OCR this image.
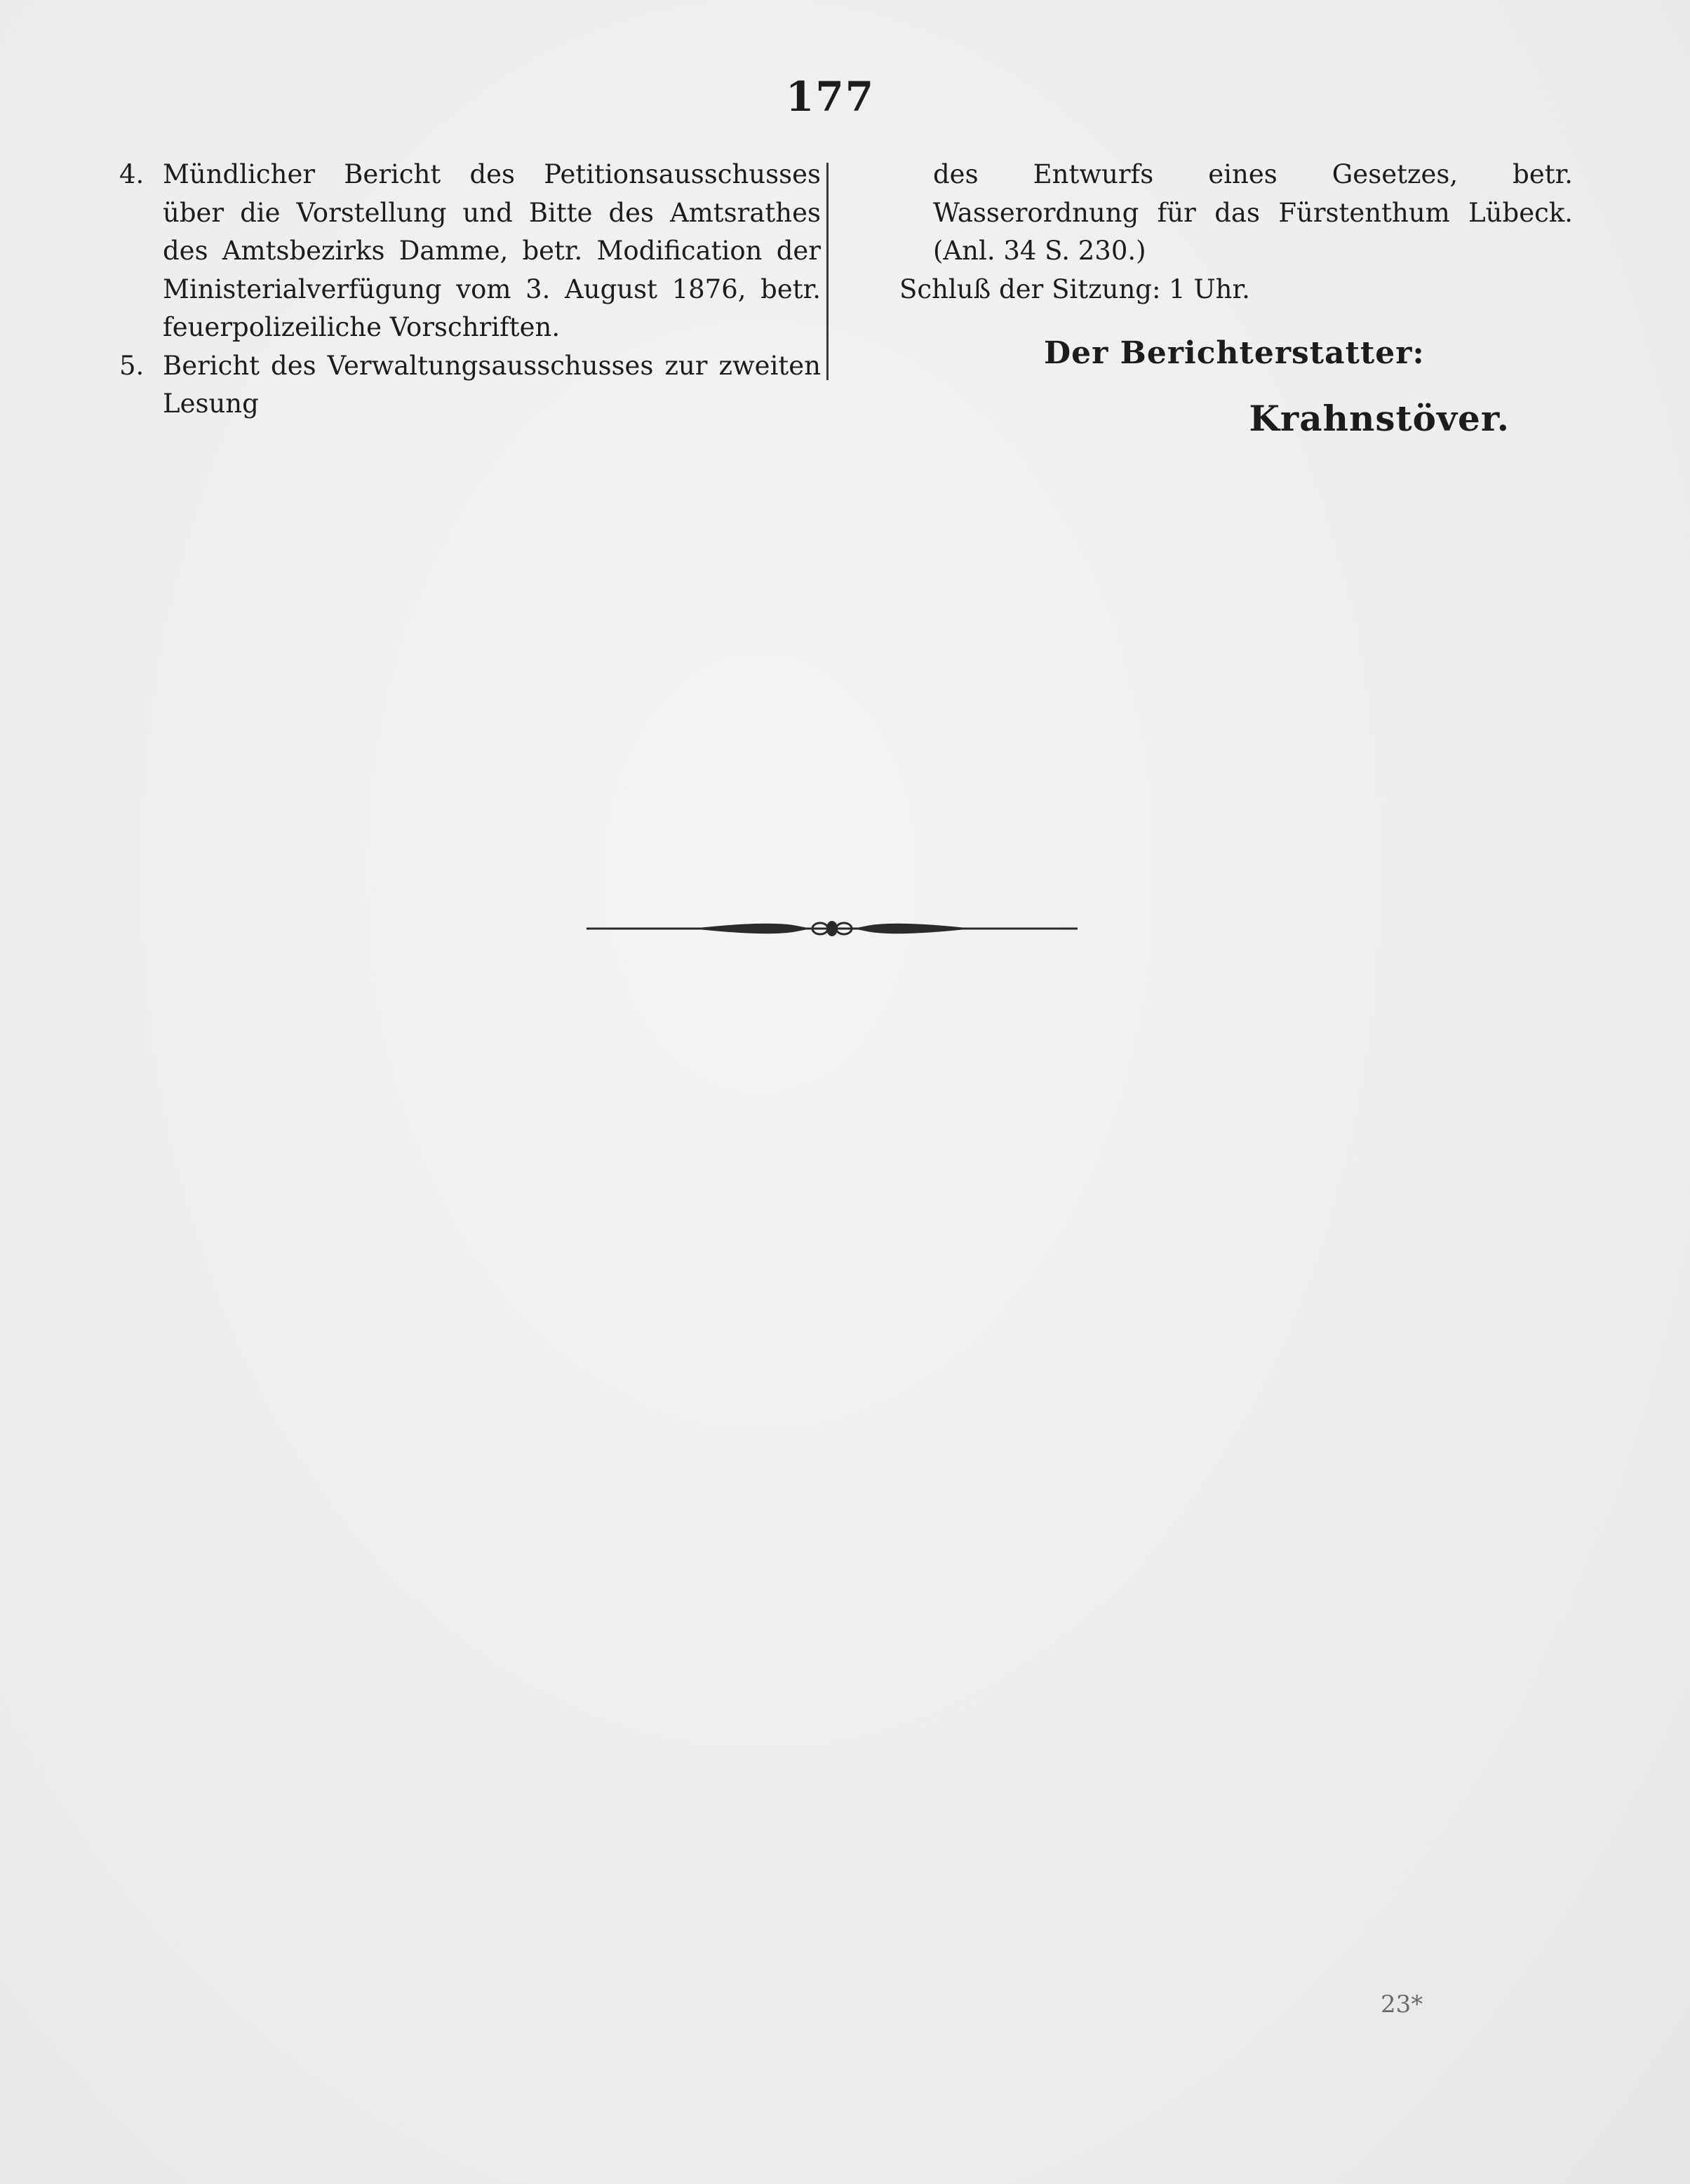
177
4. Mündlicher Bericht des Petitionsausschusses über die Vorstellung und Bitte des Amtsrathes des Amtsbezirks Damme, betr. Modification der Ministerialverfügung vom 3. August 1876, betr. feuerpolizeiliche Vorschriften.
5. Bericht des Verwaltungsausschusses zur zweiten Lesung
des Entwurfs eines Gesetzes, betr. Wasserordnung für das Fürstenthum Lübeck. (Anl. 34 S. 230.)
Schluß der Sitzung: 1 Uhr.
Der Berichterstatter:
Krahnstöver.
23*
